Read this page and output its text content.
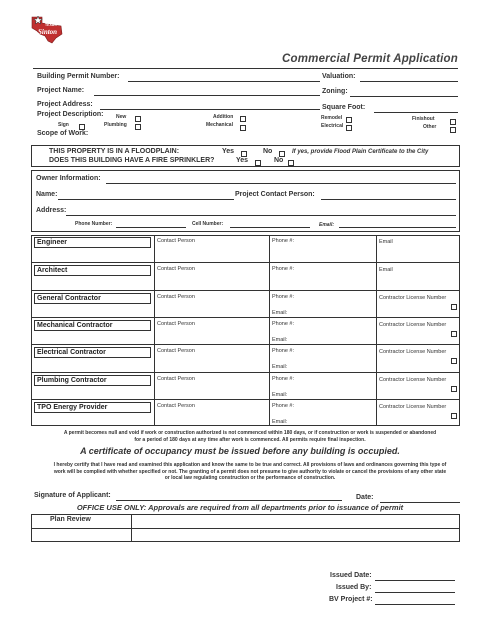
TEXAS
Sinton
Commercial Permit Application
Building Permit Number:	Valuation:
Project Name:	Zoning:
Project Address:	Square Foot:
Project Description: New	Addition	Remodel	Finishout
Sign	Plumbing	Mechanical	Electrical	Other
Scope of Work:
THIS PROPERTY IS IN A FLOODPLAIN:	Yes	No	If yes, provide Flood Plain Certificate to the City
DOES THIS BUILDING HAVE A FIRE SPRINKLER?	Yes	No
Owner Information:
Name:	Project Contact Person:
Address:
Phone Number:	Cell Number:	Email:
Engineer	Contact Person	Phone #:	Email
Architect	Contact Person	Phone #:	Email
General Contractor	Contact Person	Phone #:	Contractor License Number
Email:
Mechanical Contractor	Contact Person	Phone #:	Contractor License Number
Email:
Electrical Contractor	Contact Person	Phone #:	Contractor License Number
Email:
Plumbing Contractor	Contact Person	Phone #:	Contractor License Number
Email:
TPO Energy Provider	Contact Person	Phone #:	Contractor License Number
Email:
A permit becomes null and void if work or construction authorized is not commenced within 180 days, or if construction or work is suspended or abandoned for a period of 180 days at any time after work is commenced. All permits require final inspection.
A certificate of occupancy must be issued before any building is occupied.
I hereby certify that I have read and examined this application and know the same to be true and correct. All provisions of laws and ordinances governing this type of work will be complied with whether specified or not. The granting of a permit does not presume to give authority to violate or cancel the provisions of any other state or local law regulating construction or the performance of construction.
Signature of Applicant:	Date:
OFFICE USE ONLY: Approvals are required from all departments prior to issuance of permit
Plan Review
Issued Date:
Issued By:
BV Project #:
